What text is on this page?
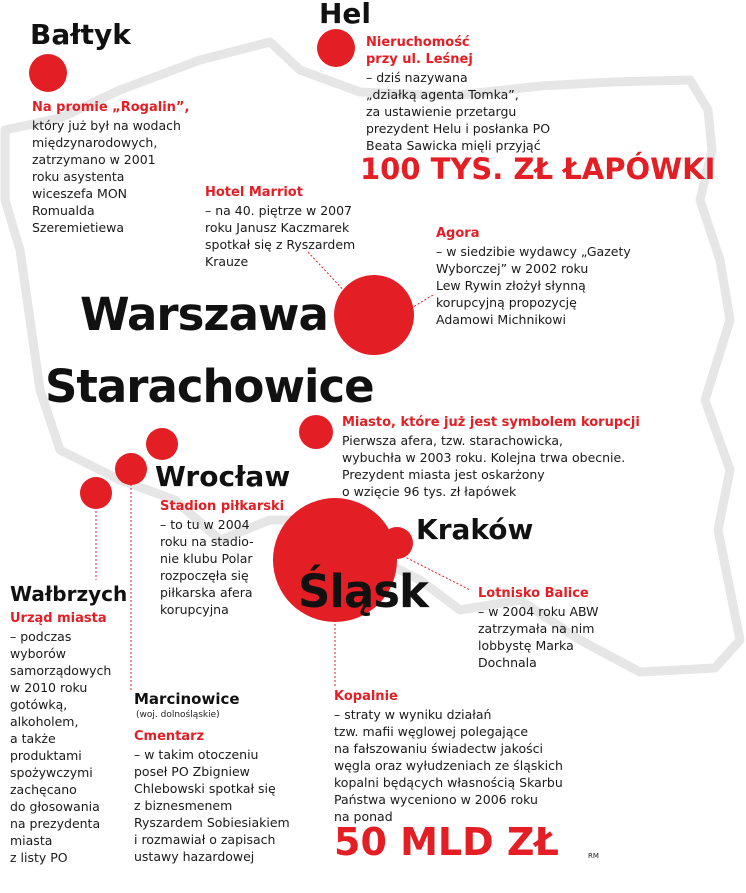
Bałtyk

Hel

Warszawa

Starachowice

Wrocław

Kraków

Śląsk

Wałbrzych

Marcinowice

(woj. dolnośląskie)

Na promie „Rogalin”,

który już był na wodach
międzynarodowych,
zatrzymano w 2001
roku asystenta
wiceszefa MON
Romualda
Szeremietiewa

Nieruchomość
przy ul. Leśnej

– dziś nazywana
„działką agenta Tomka”,
za ustawienie przetargu
prezydent Helu i posłanka PO
Beata Sawicka mięli przyjąć

100 TYS. ZŁ ŁAPÓWKI

Hotel Marriot

– na 40. piętrze w 2007
roku Janusz Kaczmarek
spotkał się z Ryszardem
Krauze

Agora

– w siedzibie wydawcy „Gazety
Wyborczej” w 2002 roku
Lew Rywin złożył słynną
korupcyjną propozycję
Adamowi Michnikowi

Miasto, które już jest symbolem korupcji

Pierwsza afera, tzw. starachowicka,
wybuchła w 2003 roku. Kolejna trwa obecnie.
Prezydent miasta jest oskarżony
o wzięcie 96 tys. zł łapówek

Stadion piłkarski

– to tu w 2004
roku na stadio-
nie klubu Polar
rozpoczęła się
piłkarska afera
korupcyjna

Urząd miasta

– podczas
wyborów
samorządowych
w 2010 roku
gotówką,
alkoholem,
a także
produktami
spożywczymi
zachęcano
do głosowania
na prezydenta
miasta
z listy PO

Cmentarz

– w takim otoczeniu
poseł PO Zbigniew
Chlebowski spotkał się
z biznesmenem
Ryszardem Sobiesiakiem
i rozmawiał o zapisach
ustawy hazardowej

Lotnisko Balice

– w 2004 roku ABW
zatrzymała na nim
lobbystę Marka
Dochnala

Kopalnie

– straty w wyniku działań
tzw. mafii węglowej polegające
na fałszowaniu świadectw jakości
węgla oraz wyłudzeniach ze śląskich
kopalni będących własnością Skarbu
Państwa wyceniono w 2006 roku
na ponad

50 MLD ZŁ	RM
